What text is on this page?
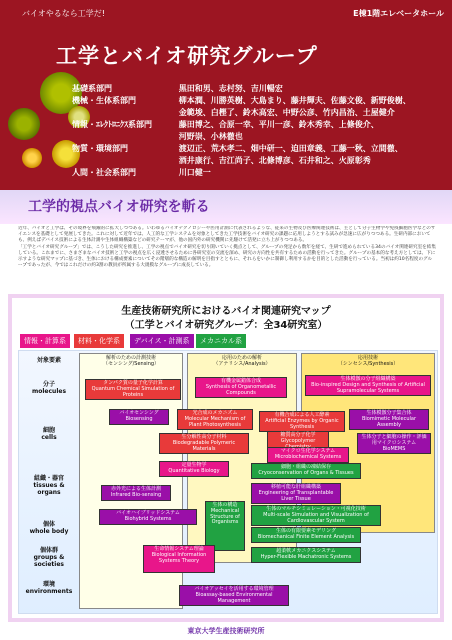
バイオやるなら工学だ!	E棟1階エレベータホール
工学とバイオ研究グループ
基礎系部門	黒田和男、志村努、吉川暢宏
機械・生体系部門	柳本潤、川勝英樹、大島まり、藤井輝夫、佐藤文俊、新野俊樹、
金範埈、白樫了、鈴木高宏、中野公彦、竹内昌治、土屋健介
情報・ｴﾚｸﾄﾛﾆｸｽ系部門	藤田博之、合原一幸、平川一彦、鈴木秀幸、上條俊介、
河野崇、小林徹也
物質・環境部門	渡辺正、荒木孝二、畑中研一、迫田章義、工藤一秋、立間徹、
酒井康行、吉江尚子、北條博彦、石井和之、火原彰秀
人間・社会系部門	川口健一
工学的視点バイオ研究を斬る

近年、バイオと工学は、その境界を飛躍的に拡大しつつある。いわゆるバイオテクノロジーや医用計測に代表されるような、従来の生物及び医療関連技術は、主として分子生物学や免疫細胞医学などのサイエンスを基礎として発展してきた。これに対して近年では、人工的な工学システムを対象としてきた工学技術をバイオ研究の課題に応用しようとする試みが急速に広がりつつある。生研内部においても、例えばデバイス技術による生体計測や生体組織構築などの研究テーマが、他の国内外の研究機関に先駆けて活発に立ち上がりつつある。

「工学とバイオ研究グループ」では、こうした研究を推進し、工学の視点でバイオ研究を切り開いていく拠点として、グループの発足から数年を経て、生研で進められている34のバイオ関連研究室を結集している。これまでに、さまざまなバイオ技術と工学の視点を広く浸透させるために各研究室の交流を深め、研究の方向性を共有するための活動を行ってきた。グループの基本的な考え方としては、下に示すような研究マップに基づき、生体における構成要素についてその階層的な構造の解明を目指すとともに、それらをいかに制御し利用するかを目的とした活動を行っている。当初は約10名程度のグループであったが、今ではこれだけの約3割の教員が所属する大規模なグループに成長している。

生産技術研究所におけるバイオ関連研究マップ
（工学とバイオ研究グループ：全34研究室）
情報・計算系	材料・化学系	デバイス・計測系	メカニカル系
対象要素
分子
molecules
細胞
cells
組織・器官
tissues & organs
個体
whole body
個体群
groups & societies
環境
environments
解析のための計測技術
（センシング/Sensing）
応用のための解析
（アナリシス/Analysis）
応用技術
（シンセシス/Synthesis）
タンパク質の量子化学計算
Quantum Chemical Simulation of Proteins
有機金属錯体合成
Synthesis of Organometallic Compounds
生体模倣の分子組織構築
Bio-inspired Design and Synthesis of Artificial Supramolecular Systems
バイオセンシング
Biosensing
光合成のメカニズム
Molecular Mechanism of Plant Photosynthesis
有機合成による人工酵素
Artificial Enzymes by Organic Synthesis
生体模倣分子集合体
Biomimetic Molecular Assembly
生分解性高分子材料
Biodegradable Polymeric Materials
糖質高分子化学
Glycopolymer
マイクロ生化学システム
Microbiochemical Systems
生体分子と細胞の操作・評価用マイクロシステム
BioMEMS
定量生物学
Quantitative Biology
細胞・組織の凍結保存
Cryoconservation of Organs & Tissues
赤外光による生体計測
Infrared Bio-sensing
移植可能な肝組織構築
Engineering of Transplantable Liver Tissue
生体の構造
Mechanical Structure of Organisms
生体のマルチシミュレーション・可視化技術
Multi-scale Simulation and Visualization of Cardiovascular System
バイオハイブリッドシステム
Biohybrid Systems
生体の有限要素モデリング
Biomechanical Finite Element Analysis
超柔軟メカニクスシステム
Hyper-Flexible Machatronic Systems
生命情報システム理論
Biological Information Systems Theory
バイオアッセイを活用する環境管理
Bioassay-based Environmental Management
東京大学生産技術研究所
